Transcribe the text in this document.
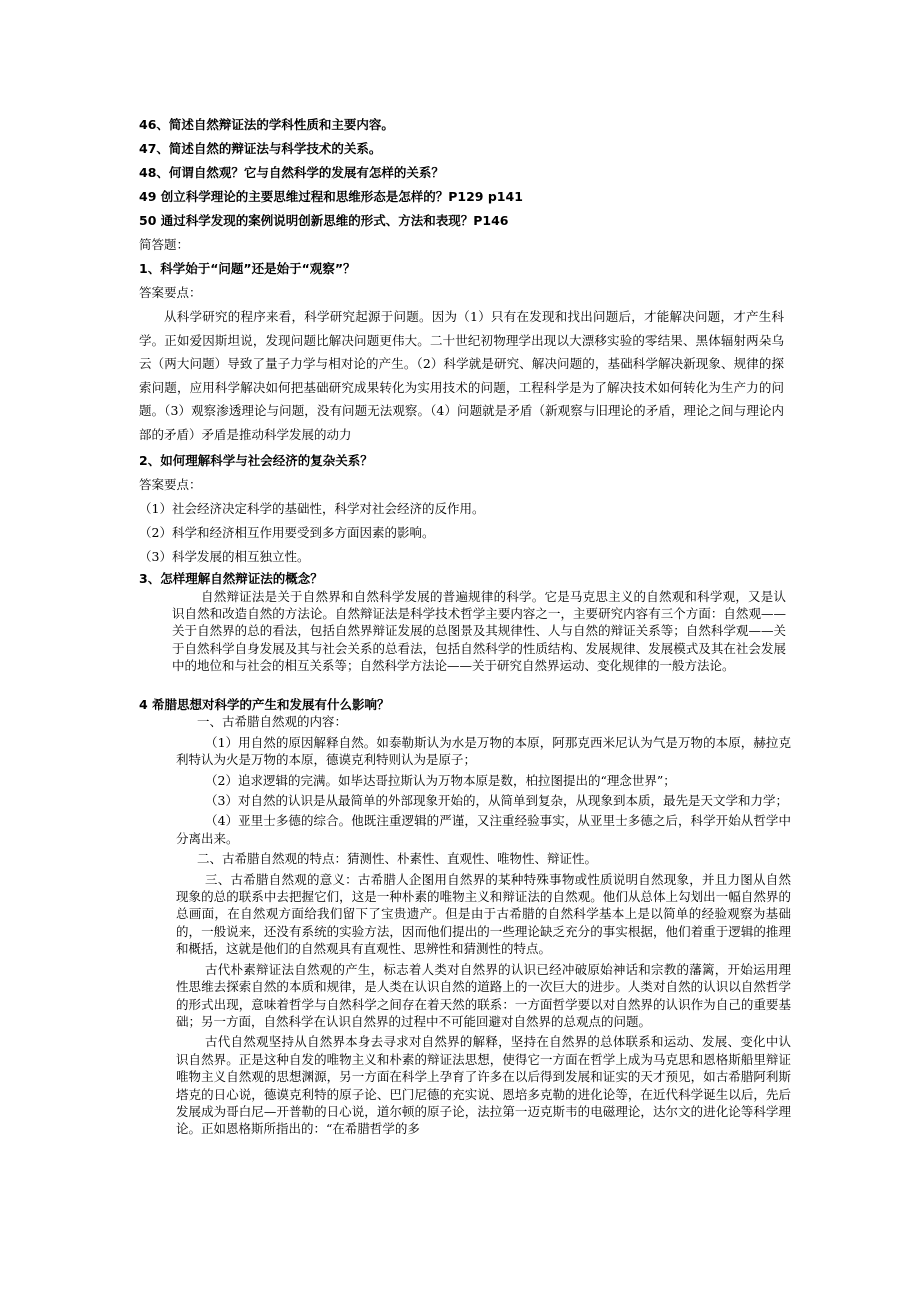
46、简述自然辩证法的学科性质和主要内容。
47、简述自然的辩证法与科学技术的关系。
48、何谓自然观？它与自然科学的发展有怎样的关系？
49 创立科学理论的主要思维过程和思维形态是怎样的？P129 p141
50 通过科学发现的案例说明创新思维的形式、方法和表现？P146
简答题：
1、科学始于“问题”还是始于“观察”？
答案要点：
从科学研究的程序来看，科学研究起源于问题。因为（1）只有在发现和找出问题后，才能解决问题，才产生科学。正如爱因斯坦说，发现问题比解决问题更伟大。二十世纪初物理学出现以大漂移实验的零结果、黑体辐射两朵乌云（两大问题）导致了量子力学与相对论的产生。（2）科学就是研究、解决问题的，基础科学解决新现象、规律的探索问题，应用科学解决如何把基础研究成果转化为实用技术的问题，工程科学是为了解决技术如何转化为生产力的问题。（3）观察渗透理论与问题，没有问题无法观察。（4）问题就是矛盾（新观察与旧理论的矛盾，理论之间与理论内部的矛盾）矛盾是推动科学发展的动力
2、如何理解科学与社会经济的复杂关系？
答案要点：
（1）社会经济决定科学的基础性，科学对社会经济的反作用。
（2）科学和经济相互作用要受到多方面因素的影响。
（3）科学发展的相互独立性。
3、怎样理解自然辩证法的概念？
自然辩证法是关于自然界和自然科学发展的普遍规律的科学。它是马克思主义的自然观和科学观，又是认识自然和改造自然的方法论。自然辩证法是科学技术哲学主要内容之一，主要研究内容有三个方面：自然观——关于自然界的总的看法，包括自然界辩证发展的总图景及其规律性、人与自然的辩证关系等；自然科学观——关于自然科学自身发展及其与社会关系的总看法，包括自然科学的性质结构、发展规律、发展模式及其在社会发展中的地位和与社会的相互关系等；自然科学方法论——关于研究自然界运动、变化规律的一般方法论。
4 希腊思想对科学的产生和发展有什么影响？
一、古希腊自然观的内容：
（1）用自然的原因解释自然。如泰勒斯认为水是万物的本原，阿那克西米尼认为气是万物的本原，赫拉克利特认为火是万物的本原，德谟克利特则认为是原子；
（2）追求逻辑的完满。如毕达哥拉斯认为万物本原是数，柏拉图提出的“理念世界”；
（3）对自然的认识是从最简单的外部现象开始的，从简单到复杂，从现象到本质，最先是天文学和力学；
（4）亚里士多德的综合。他既注重逻辑的严谨，又注重经验事实，从亚里士多德之后，科学开始从哲学中分离出来。
二、古希腊自然观的特点：猜测性、朴素性、直观性、唯物性、辩证性。
三、古希腊自然观的意义：古希腊人企图用自然界的某种特殊事物或性质说明自然现象，并且力图从自然现象的总的联系中去把握它们，这是一种朴素的唯物主义和辩证法的自然观。他们从总体上勾划出一幅自然界的总画面，在自然观方面给我们留下了宝贵遗产。但是由于古希腊的自然科学基本上是以简单的经验观察为基础的，一般说来，还没有系统的实验方法，因而他们提出的一些理论缺乏充分的事实根据，他们着重于逻辑的推理和概括，这就是他们的自然观具有直观性、思辨性和猜测性的特点。
古代朴素辩证法自然观的产生，标志着人类对自然界的认识已经冲破原始神话和宗教的藩篱，开始运用理性思维去探索自然的本质和规律，是人类在认识自然的道路上的一次巨大的进步。人类对自然的认识以自然哲学的形式出现，意味着哲学与自然科学之间存在着天然的联系：一方面哲学要以对自然界的认识作为自己的重要基础；另一方面，自然科学在认识自然界的过程中不可能回避对自然界的总观点的问题。
古代自然观坚持从自然界本身去寻求对自然界的解释，坚持在自然界的总体联系和运动、发展、变化中认识自然界。正是这种自发的唯物主义和朴素的辩证法思想，使得它一方面在哲学上成为马克思和恩格斯船里辩证唯物主义自然观的思想渊源，另一方面在科学上孕育了许多在以后得到发展和证实的天才预见，如古希腊阿利斯塔克的日心说，德谟克利特的原子论、巴门尼德的充实说、恩培多克勒的进化论等，在近代科学诞生以后，先后发展成为哥白尼—开普勒的日心说，道尔顿的原子论，法拉第一迈克斯韦的电磁理论，达尔文的进化论等科学理论。正如恩格斯所指出的：“在希腊哲学的多
